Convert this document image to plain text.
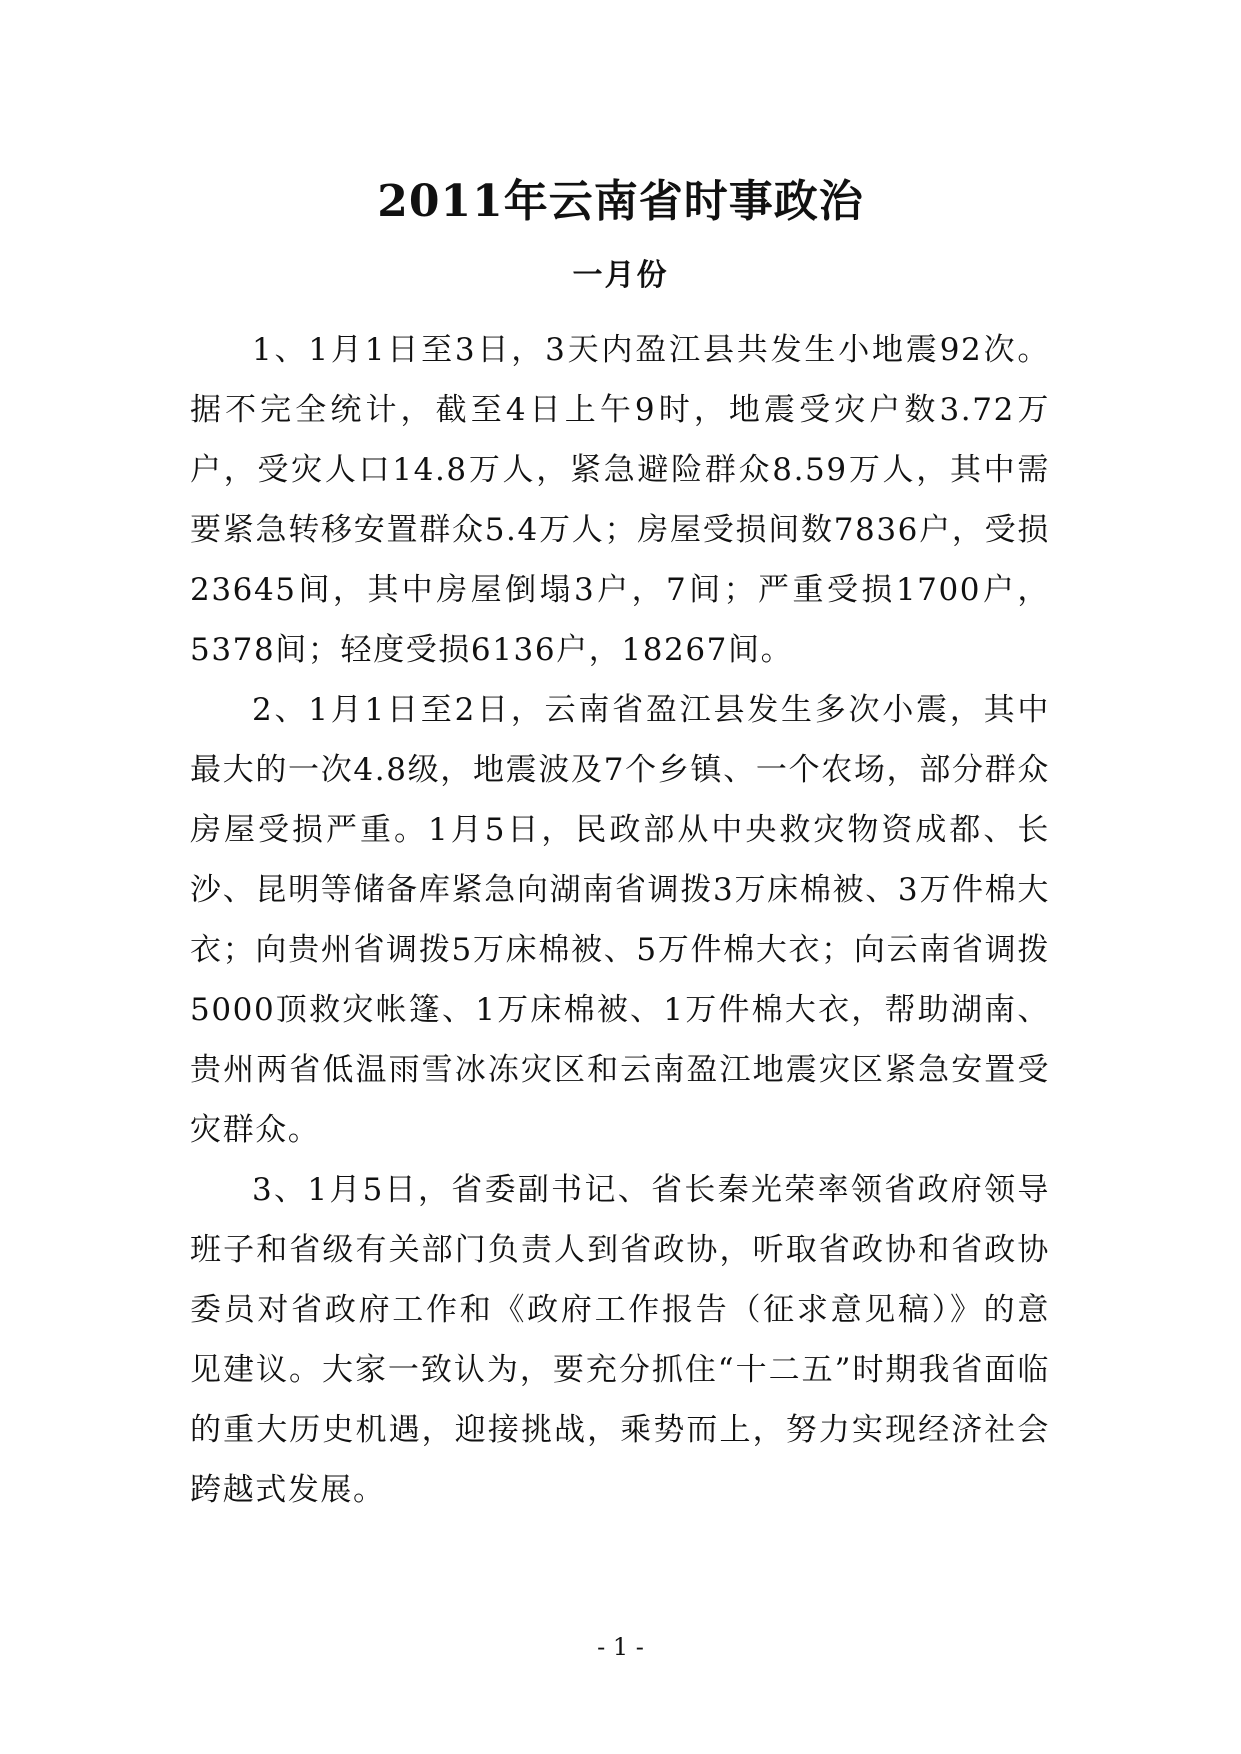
2011年云南省时事政治
一月份

1、1月1日至3日，3天内盈江县共发生小地震92次。据不完全统计，截至4日上午9时，地震受灾户数3.72万户，受灾人口14.8万人，紧急避险群众8.59万人，其中需要紧急转移安置群众5.4万人；房屋受损间数7836户，受损23645间，其中房屋倒塌3户，7间；严重受损1700户，5378间；轻度受损6136户，18267间。

2、1月1日至2日，云南省盈江县发生多次小震，其中最大的一次4.8级，地震波及7个乡镇、一个农场，部分群众房屋受损严重。1月5日，民政部从中央救灾物资成都、长沙、昆明等储备库紧急向湖南省调拨3万床棉被、3万件棉大衣；向贵州省调拨5万床棉被、5万件棉大衣；向云南省调拨5000顶救灾帐篷、1万床棉被、1万件棉大衣，帮助湖南、贵州两省低温雨雪冰冻灾区和云南盈江地震灾区紧急安置受灾群众。

3、1月5日，省委副书记、省长秦光荣率领省政府领导班子和省级有关部门负责人到省政协，听取省政协和省政协委员对省政府工作和《政府工作报告（征求意见稿）》的意见建议。大家一致认为，要充分抓住“十二五”时期我省面临的重大历史机遇，迎接挑战，乘势而上，努力实现经济社会跨越式发展。

- 1 -
